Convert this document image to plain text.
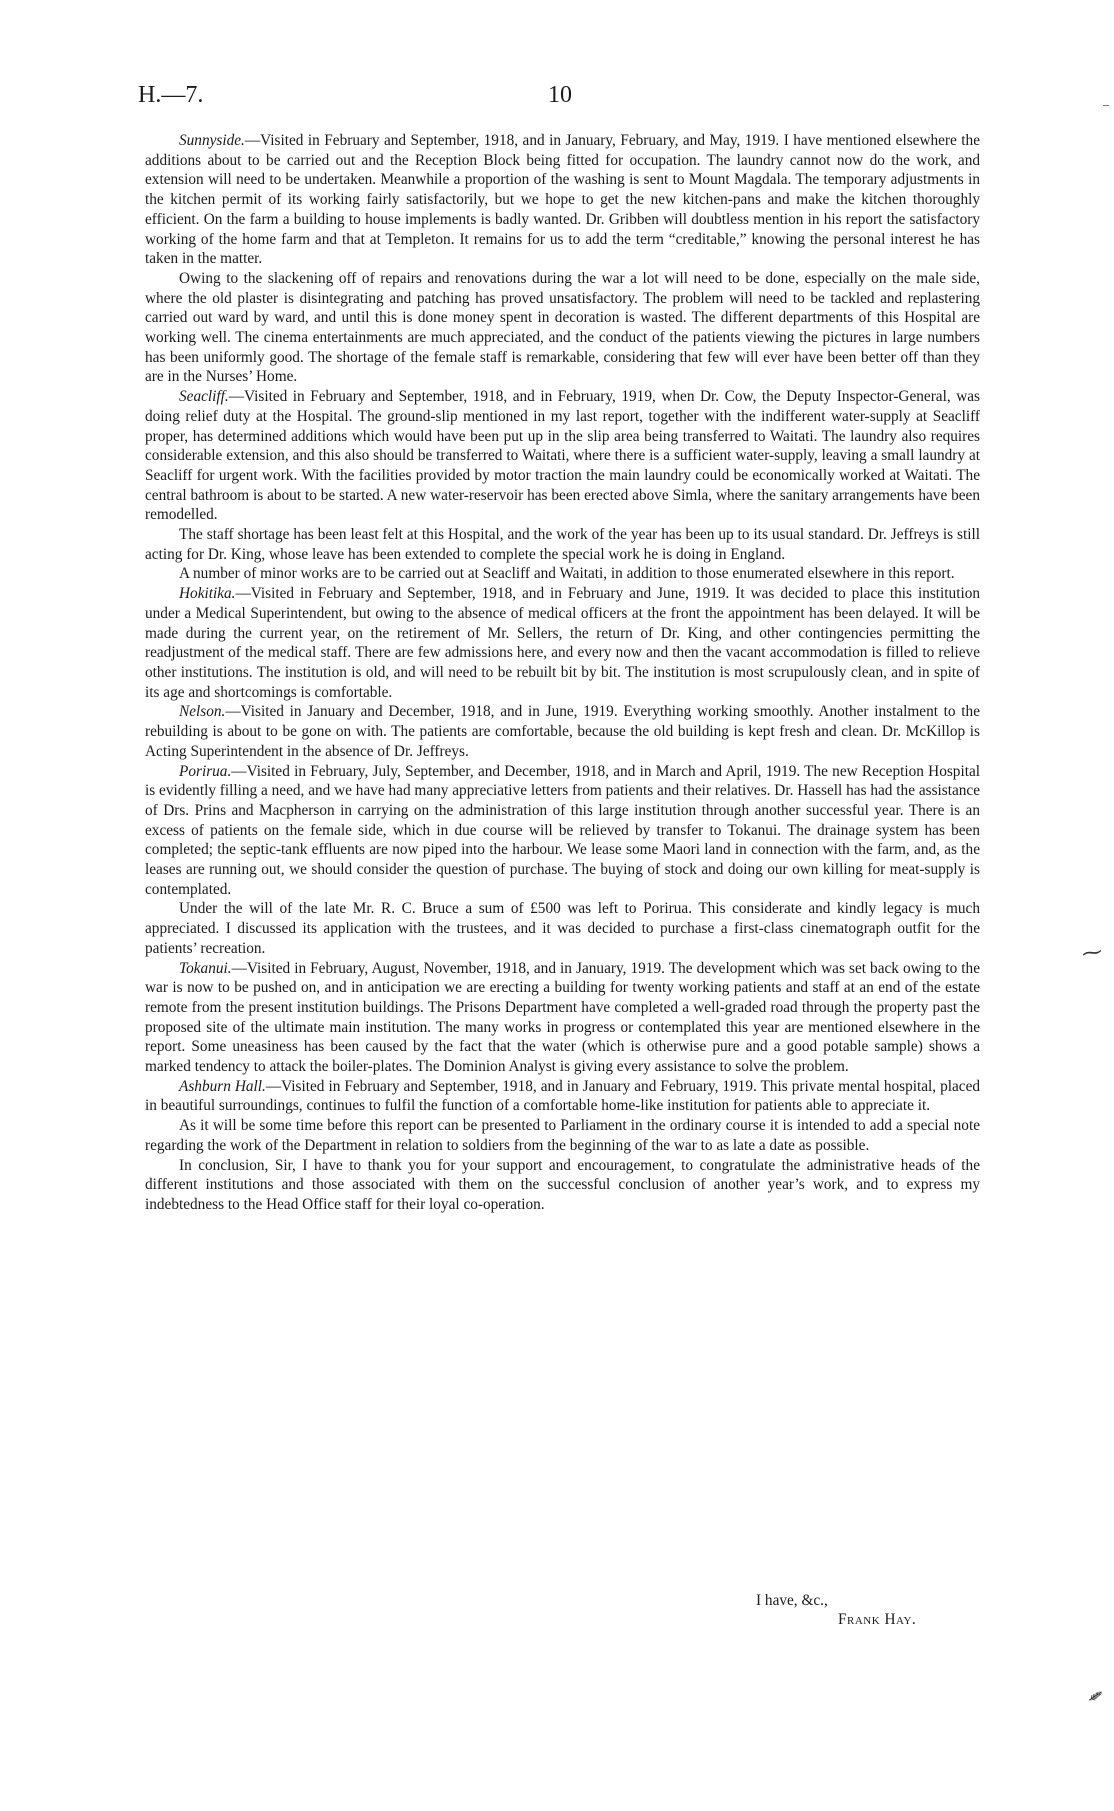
H.—7.	10

Sunnyside.—Visited in February and September, 1918, and in January, February, and May, 1919. I have mentioned elsewhere the additions about to be carried out and the Reception Block being fitted for occupation. The laundry cannot now do the work, and extension will need to be undertaken. Meanwhile a proportion of the washing is sent to Mount Magdala. The temporary adjustments in the kitchen permit of its working fairly satisfactorily, but we hope to get the new kitchen-pans and make the kitchen thoroughly efficient. On the farm a building to house implements is badly wanted. Dr. Gribben will doubtless mention in his report the satisfactory working of the home farm and that at Templeton. It remains for us to add the term “creditable,” knowing the personal interest he has taken in the matter.

Owing to the slackening off of repairs and renovations during the war a lot will need to be done, especially on the male side, where the old plaster is disintegrating and patching has proved unsatisfactory. The problem will need to be tackled and replastering carried out ward by ward, and until this is done money spent in decoration is wasted. The different departments of this Hospital are working well. The cinema entertainments are much appreciated, and the conduct of the patients viewing the pictures in large numbers has been uniformly good. The shortage of the female staff is remarkable, considering that few will ever have been better off than they are in the Nurses’ Home.

Seacliff.—Visited in February and September, 1918, and in February, 1919, when Dr. Cow, the Deputy Inspector-General, was doing relief duty at the Hospital. The ground-slip mentioned in my last report, together with the indifferent water-supply at Seacliff proper, has determined additions which would have been put up in the slip area being transferred to Waitati. The laundry also requires considerable extension, and this also should be transferred to Waitati, where there is a sufficient water-supply, leaving a small laundry at Seacliff for urgent work. With the facilities provided by motor traction the main laundry could be economically worked at Waitati. The central bathroom is about to be started. A new water-reservoir has been erected above Simla, where the sanitary arrangements have been remodelled.

The staff shortage has been least felt at this Hospital, and the work of the year has been up to its usual standard. Dr. Jeffreys is still acting for Dr. King, whose leave has been extended to complete the special work he is doing in England.

A number of minor works are to be carried out at Seacliff and Waitati, in addition to those enumerated elsewhere in this report.

Hokitika.—Visited in February and September, 1918, and in February and June, 1919. It was decided to place this institution under a Medical Superintendent, but owing to the absence of medical officers at the front the appointment has been delayed. It will be made during the current year, on the retirement of Mr. Sellers, the return of Dr. King, and other contingencies permitting the readjustment of the medical staff. There are few admissions here, and every now and then the vacant accommodation is filled to relieve other institutions. The institution is old, and will need to be rebuilt bit by bit. The institution is most scrupulously clean, and in spite of its age and shortcomings is comfortable.

Nelson.—Visited in January and December, 1918, and in June, 1919. Everything working smoothly. Another instalment to the rebuilding is about to be gone on with. The patients are comfortable, because the old building is kept fresh and clean. Dr. McKillop is Acting Superintendent in the absence of Dr. Jeffreys.

Porirua.—Visited in February, July, September, and December, 1918, and in March and April, 1919. The new Reception Hospital is evidently filling a need, and we have had many appreciative letters from patients and their relatives. Dr. Hassell has had the assistance of Drs. Prins and Macpherson in carrying on the administration of this large institution through another successful year. There is an excess of patients on the female side, which in due course will be relieved by transfer to Tokanui. The drainage system has been completed; the septic-tank effluents are now piped into the harbour. We lease some Maori land in connection with the farm, and, as the leases are running out, we should consider the question of purchase. The buying of stock and doing our own killing for meat-supply is contemplated.

Under the will of the late Mr. R. C. Bruce a sum of £500 was left to Porirua. This considerate and kindly legacy is much appreciated. I discussed its application with the trustees, and it was decided to purchase a first-class cinematograph outfit for the patients’ recreation.

Tokanui.—Visited in February, August, November, 1918, and in January, 1919. The development which was set back owing to the war is now to be pushed on, and in anticipation we are erecting a building for twenty working patients and staff at an end of the estate remote from the present institution buildings. The Prisons Department have completed a well-graded road through the property past the proposed site of the ultimate main institution. The many works in progress or contemplated this year are mentioned elsewhere in the report. Some uneasiness has been caused by the fact that the water (which is otherwise pure and a good potable sample) shows a marked tendency to attack the boiler-plates. The Dominion Analyst is giving every assistance to solve the problem.

Ashburn Hall.—Visited in February and September, 1918, and in January and February, 1919. This private mental hospital, placed in beautiful surroundings, continues to fulfil the function of a comfortable home-like institution for patients able to appreciate it.

As it will be some time before this report can be presented to Parliament in the ordinary course it is intended to add a special note regarding the work of the Department in relation to soldiers from the beginning of the war to as late a date as possible.

In conclusion, Sir, I have to thank you for your support and encouragement, to congratulate the administrative heads of the different institutions and those associated with them on the successful conclusion of another year’s work, and to express my indebtedness to the Head Office staff for their loyal co-operation.

I have, &c.,
Frank Hay.
⁓
⸙
